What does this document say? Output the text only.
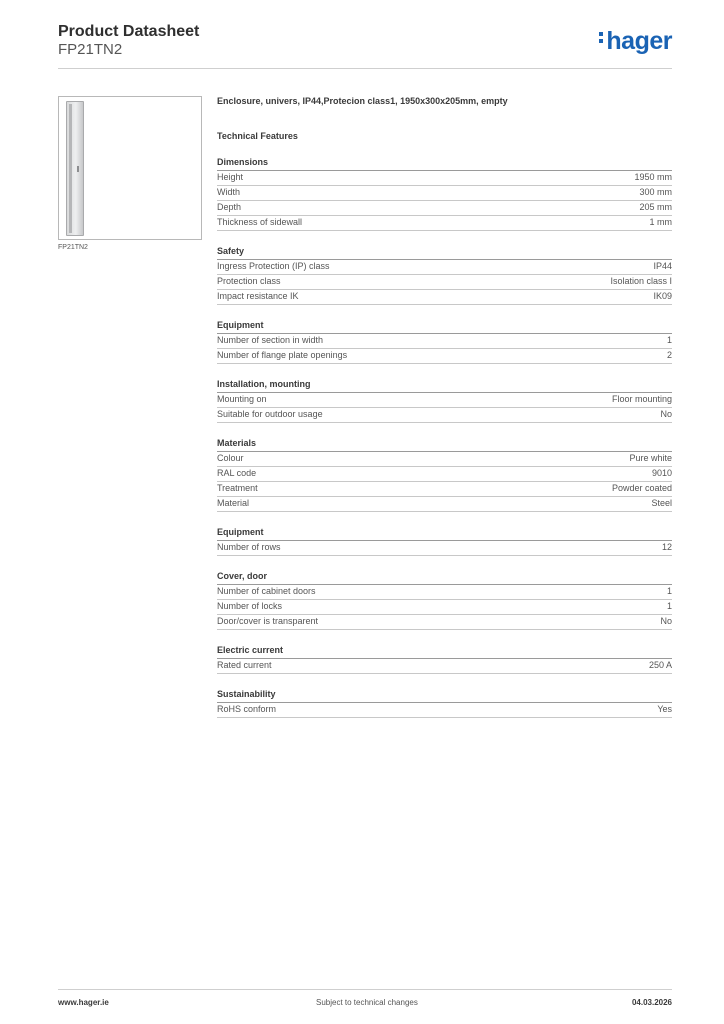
Product Datasheet
FP21TN2	hager
FP21TN2
Enclosure, univers, IP44,Protecion class1, 1950x300x205mm, empty
Technical Features
Dimensions
Height	1950 mm
Width	300 mm
Depth	205 mm
Thickness of sidewall	1 mm
Safety
Ingress Protection (IP) class	IP44
Protection class	Isolation class I
Impact resistance IK	IK09
Equipment
Number of section in width	1
Number of flange plate openings	2
Installation, mounting
Mounting on	Floor mounting
Suitable for outdoor usage	No
Materials
Colour	Pure white
RAL code	9010
Treatment	Powder coated
Material	Steel
Equipment
Number of rows	12
Cover, door
Number of cabinet doors	1
Number of locks	1
Door/cover is transparent	No
Electric current
Rated current	250 A
Sustainability
RoHS conform	Yes
www.hager.ie	Subject to technical changes	04.03.2026
